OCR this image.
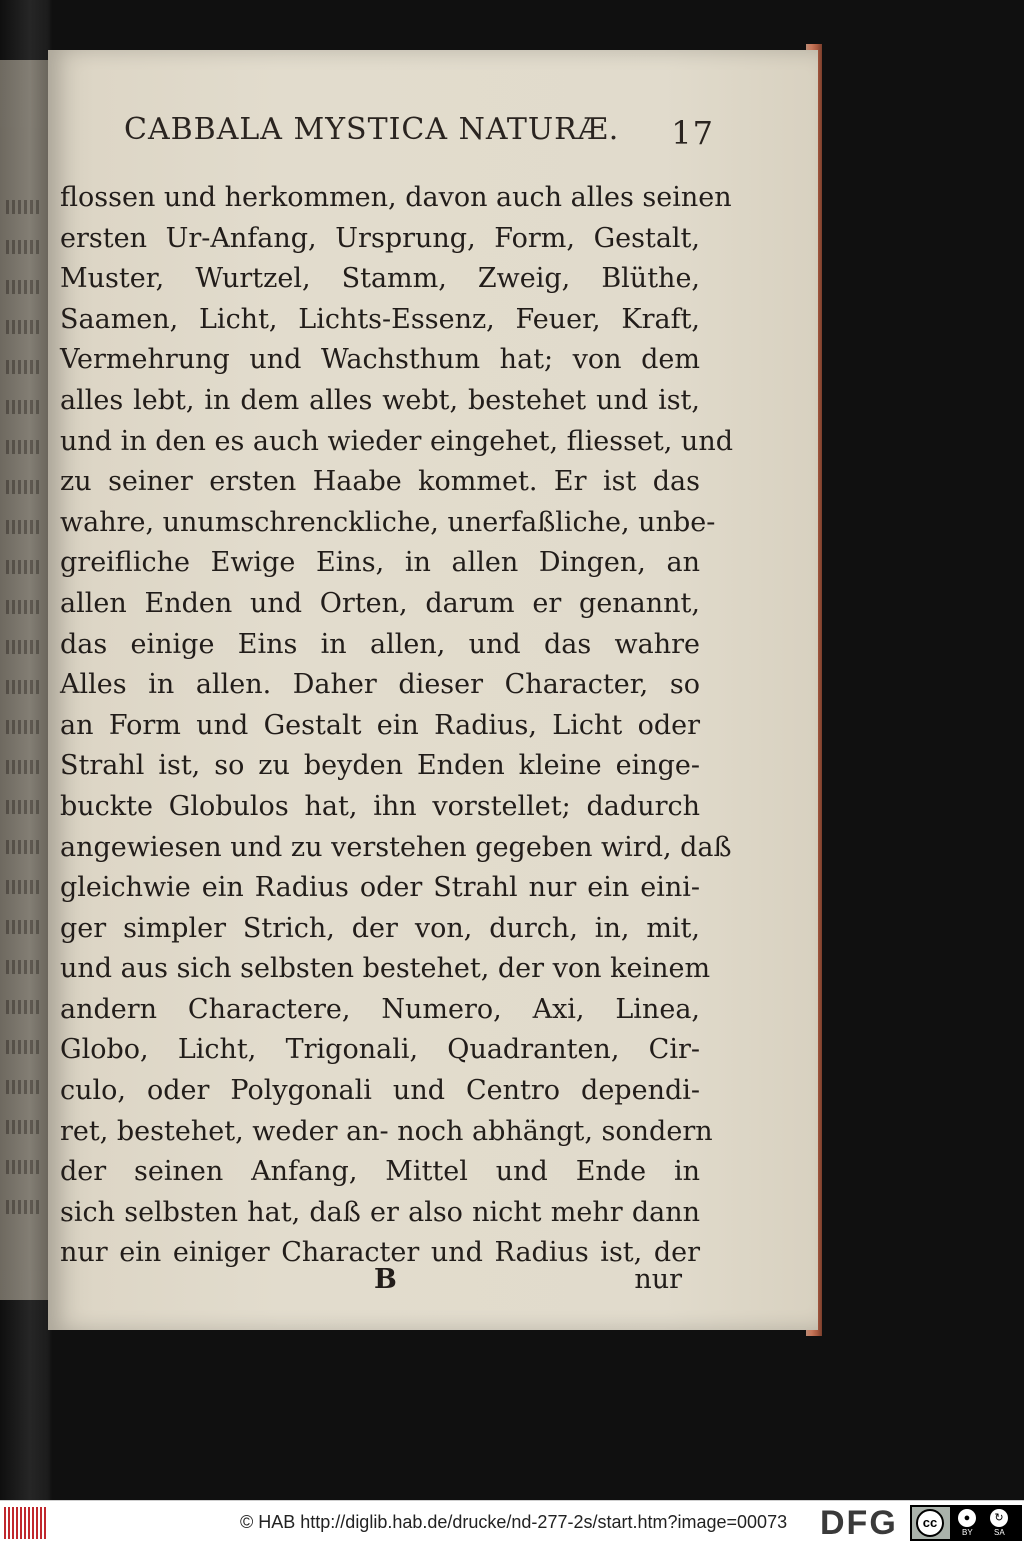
CABBALA MYSTICA NATURÆ. 17
flossen und herkommen, davon auch alles seinen
ersten Ur-Anfang, Ursprung, Form, Gestalt,
Muster, Wurtzel, Stamm, Zweig, Blüthe,
Saamen, Licht, Lichts-Essenz, Feuer, Kraft,
Vermehrung und Wachsthum hat; von dem
alles lebt, in dem alles webt, bestehet und ist,
und in den es auch wieder eingehet, fliesset, und
zu seiner ersten Haabe kommet. Er ist das
wahre, unumschrenckliche, unerfaßliche, unbe-
greifliche Ewige Eins, in allen Dingen, an
allen Enden und Orten, darum er genannt,
das einige Eins in allen, und das wahre
Alles in allen. Daher dieser Character, so
an Form und Gestalt ein Radius, Licht oder
Strahl ist, so zu beyden Enden kleine einge-
buckte Globulos hat, ihn vorstellet; dadurch
angewiesen und zu verstehen gegeben wird, daß
gleichwie ein Radius oder Strahl nur ein eini-
ger simpler Strich, der von, durch, in, mit,
und aus sich selbsten bestehet, der von keinem
andern Charactere, Numero, Axi, Linea,
Globo, Licht, Trigonali, Quadranten, Cir-
culo, oder Polygonali und Centro dependi-
ret, bestehet, weder an- noch abhängt, sondern
der seinen Anfang, Mittel und Ende in
sich selbsten hat, daß er also nicht mehr dann
nur ein einiger Character und Radius ist, der
B	nur
© HAB http://diglib.hab.de/drucke/nd-277-2s/start.htm?image=00073 DFG	cc	●	↻
BY	SA
